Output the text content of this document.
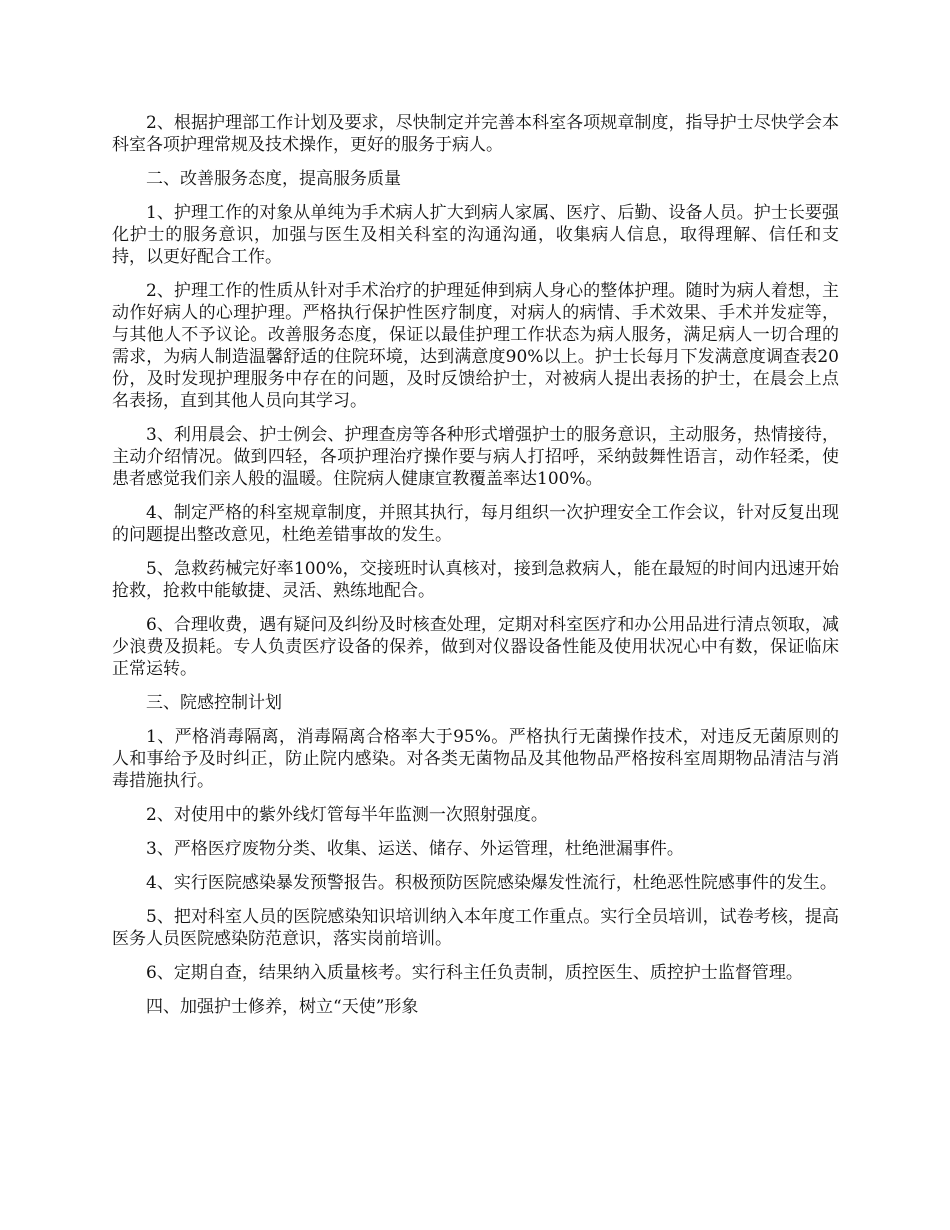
2、根据护理部工作计划及要求，尽快制定并完善本科室各项规章制度，指导护士尽快学会本科室各项护理常规及技术操作，更好的服务于病人。

二、改善服务态度，提高服务质量

1、护理工作的对象从单纯为手术病人扩大到病人家属、医疗、后勤、设备人员。护士长要强化护士的服务意识，加强与医生及相关科室的沟通沟通，收集病人信息，取得理解、信任和支持，以更好配合工作。

2、护理工作的性质从针对手术治疗的护理延伸到病人身心的整体护理。随时为病人着想，主动作好病人的心理护理。严格执行保护性医疗制度，对病人的病情、手术效果、手术并发症等，与其他人不予议论。改善服务态度，保证以最佳护理工作状态为病人服务，满足病人一切合理的需求，为病人制造温馨舒适的住院环境，达到满意度90%以上。护士长每月下发满意度调查表20份，及时发现护理服务中存在的问题，及时反馈给护士，对被病人提出表扬的护士，在晨会上点名表扬，直到其他人员向其学习。

3、利用晨会、护士例会、护理查房等各种形式增强护士的服务意识，主动服务，热情接待，主动介绍情况。做到四轻，各项护理治疗操作要与病人打招呼，采纳鼓舞性语言，动作轻柔，使患者感觉我们亲人般的温暖。住院病人健康宣教覆盖率达100%。

4、制定严格的科室规章制度，并照其执行，每月组织一次护理安全工作会议，针对反复出现的问题提出整改意见，杜绝差错事故的发生。

5、急救药械完好率100%，交接班时认真核对，接到急救病人，能在最短的时间内迅速开始抢救，抢救中能敏捷、灵活、熟练地配合。

6、合理收费，遇有疑问及纠纷及时核查处理，定期对科室医疗和办公用品进行清点领取，减少浪费及损耗。专人负责医疗设备的保养，做到对仪器设备性能及使用状况心中有数，保证临床正常运转。

三、院感控制计划

1、严格消毒隔离，消毒隔离合格率大于95%。严格执行无菌操作技术，对违反无菌原则的人和事给予及时纠正，防止院内感染。对各类无菌物品及其他物品严格按科室周期物品清洁与消毒措施执行。

2、对使用中的紫外线灯管每半年监测一次照射强度。

3、严格医疗废物分类、收集、运送、储存、外运管理，杜绝泄漏事件。

4、实行医院感染暴发预警报告。积极预防医院感染爆发性流行，杜绝恶性院感事件的发生。

5、把对科室人员的医院感染知识培训纳入本年度工作重点。实行全员培训，试卷考核，提高医务人员医院感染防范意识，落实岗前培训。

6、定期自查，结果纳入质量核考。实行科主任负责制，质控医生、质控护士监督管理。

四、加强护士修养，树立“天使”形象
